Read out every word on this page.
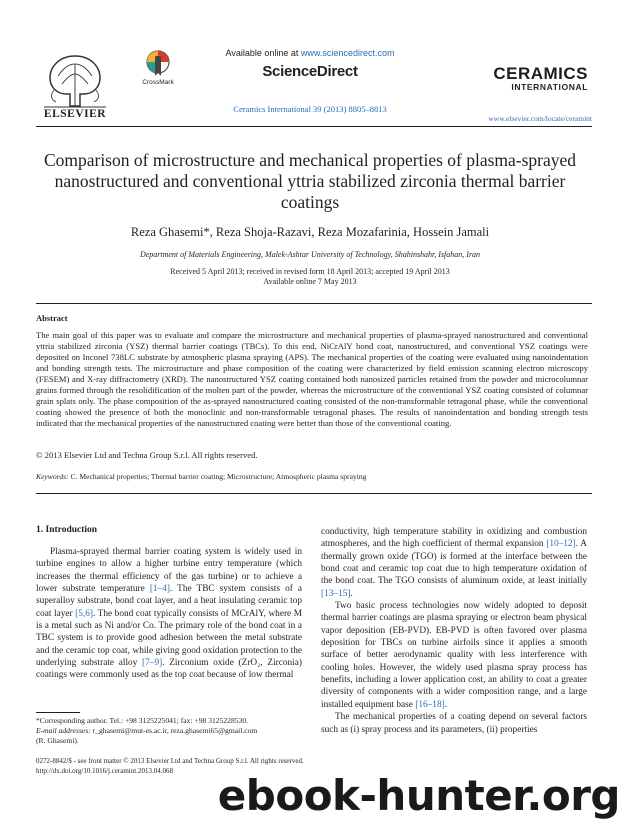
ELSEVIER
CrossMark
Available online at www.sciencedirect.com
ScienceDirect
Ceramics International 39 (2013) 8805–8813
CERAMICS
INTERNATIONAL
www.elsevier.com/locate/ceramint
Comparison of microstructure and mechanical properties of plasma-sprayed nanostructured and conventional yttria stabilized zirconia thermal barrier coatings
Reza Ghasemi*, Reza Shoja-Razavi, Reza Mozafarinia, Hossein Jamali
Department of Materials Engineering, Malek-Ashtar University of Technology, Shahinshahr, Isfahan, Iran
Received 5 April 2013; received in revised form 18 April 2013; accepted 19 April 2013
Available online 7 May 2013
Abstract
The main goal of this paper was to evaluate and compare the microstructure and mechanical properties of plasma-sprayed nanostructured and conventional yttria stabilized zirconia (YSZ) thermal barrier coatings (TBCs). To this end, NiCrAlY bond coat, nanostructured, and conventional YSZ coatings were deposited on Inconel 738LC substrate by atmospheric plasma spraying (APS). The mechanical properties of the coating were evaluated using nanoindentation and bonding strength tests. The microstructure and phase composition of the coating were characterized by field emission scanning electron microscopy (FESEM) and X-ray diffractometry (XRD). The nanostructured YSZ coating contained both nanosized particles retained from the powder and microcolumnar grains formed through the resolidification of the molten part of the powder, whereas the microstructure of the conventional YSZ coating consisted of columnar grain splats only. The phase composition of the as-sprayed nanostructured coating consisted of the non-transformable tetragonal phase, while the conventional coating showed the presence of both the monoclinic and non-transformable tetragonal phases. The results of nanoindentation and bonding strength tests indicated that the mechanical properties of the nanostructured coating were better than those of the conventional coating.
© 2013 Elsevier Ltd and Techna Group S.r.l. All rights reserved.
Keywords: C. Mechanical properties; Thermal barrier coating; Microstructure; Atmospheric plasma spraying
1. Introduction

Plasma-sprayed thermal barrier coating system is widely used in turbine engines to allow a higher turbine entry temperature (which increases the thermal efficiency of the gas turbine) or to achieve a lower substrate temperature [1–4]. The TBC system consists of a superalloy substrate, bond coat layer, and a heat insulating ceramic top coat layer [5,6]. The bond coat typically consists of MCrAlY, where M is a metal such as Ni and/or Co. The primary role of the bond coat in a TBC system is to provide good adhesion between the metal substrate and the ceramic top coat, while giving good oxidation protection to the underlying substrate alloy [7–9]. Zirconium oxide (ZrO₂, Zirconia) coatings were commonly used as the top coat because of low thermal

conductivity, high temperature stability in oxidizing and combustion atmospheres, and the high coefficient of thermal expansion [10–12]. A thermally grown oxide (TGO) is formed at the interface between the bond coat and ceramic top coat due to high temperature oxidation of the bond coat. The TGO consists of aluminum oxide, at least initially [13–15].

Two basic process technologies now widely adopted to deposit thermal barrier coatings are plasma spraying or electron beam physical vapor deposition (EB-PVD). EB-PVD is often favored over plasma deposition for TBCs on turbine airfoils since it applies a smooth surface of better aerodynamic quality with less interference with cooling holes. However, the widely used plasma spray process has benefits, including a lower application cost, an ability to coat a greater diversity of components with a wider composition range, and a large installed equipment base [16–18].

The mechanical properties of a coating depend on several factors such as (i) spray process and its parameters, (ii) properties

*Corresponding author. Tel.: +98 3125225041; fax: +98 3125228530.
E-mail addresses: r_ghasemi@mut-es.ac.ir, reza.ghasemi65@gmail.com
(R. Ghasemi).
0272-8842/$ - see front matter © 2013 Elsevier Ltd and Techna Group S.r.l. All rights reserved.
http://dx.doi.org/10.1016/j.ceramint.2013.04.068
ebook-hunter.org
